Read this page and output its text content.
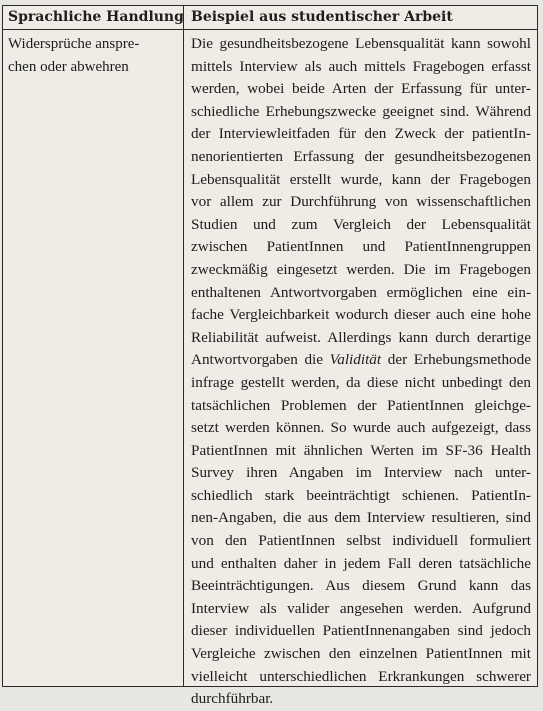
Sprachliche Handlung Beispiel aus studentischer Arbeit
Widersprüche anspre-
chen oder abwehren
Die gesundheitsbezogene Lebensqualität kann sowohl
mittels Interview als auch mittels Fragebogen erfasst
werden, wobei beide Arten der Erfassung für unter-
schiedliche Erhebungszwecke geeignet sind. Während
der Interviewleitfaden für den Zweck der patientIn-
nenorientierten Erfassung der gesundheitsbezogenen
Lebensqualität erstellt wurde, kann der Fragebogen
vor allem zur Durchführung von wissenschaftlichen
Studien und zum Vergleich der Lebensqualität
zwischen PatientInnen und PatientInnengruppen
zweckmäßig eingesetzt werden. Die im Fragebogen
enthaltenen Antwortvorgaben ermöglichen eine ein-
fache Vergleichbarkeit wodurch dieser auch eine hohe
Reliabilität aufweist. Allerdings kann durch derartige
Antwortvorgaben die Validität der Erhebungsmethode
infrage gestellt werden, da diese nicht unbedingt den
tatsächlichen Problemen der PatientInnen gleichge-
setzt werden können. So wurde auch aufgezeigt, dass
PatientInnen mit ähnlichen Werten im SF-36 Health
Survey ihren Angaben im Interview nach unter-
schiedlich stark beeinträchtigt schienen. PatientIn-
nen-Angaben, die aus dem Interview resultieren, sind
von den PatientInnen selbst individuell formuliert
und enthalten daher in jedem Fall deren tatsächliche
Beeinträchtigungen. Aus diesem Grund kann das
Interview als valider angesehen werden. Aufgrund
dieser individuellen PatientInnenangaben sind jedoch
Vergleiche zwischen den einzelnen PatientInnen mit
vielleicht unterschiedlichen Erkrankungen schwerer
durchführbar.
